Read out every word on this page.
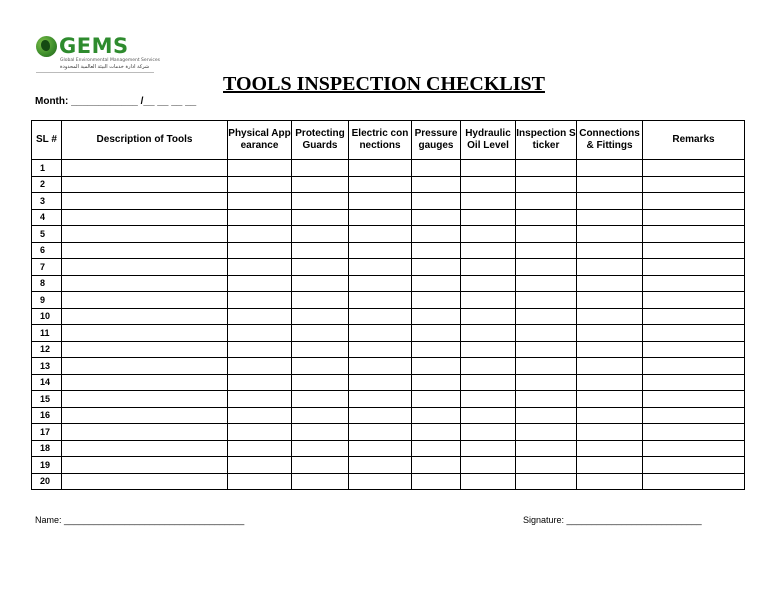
GEMS
Global Environmental Management Services
شركة ادارة خدمات البيئة العالمية المحدودة
TOOLS INSPECTION CHECKLIST
Month: ____________ /__ __ __ __
SL #	Description of Tools	Physical Appearance	Protecting Guards	Electric connections	Pressure gauges	Hydraulic Oil Level	Inspection Sticker	Connections & Fittings	Remarks
1									
2									
3									
4									
5									
6									
7									
8									
9									
10									
11									
12									
13									
14									
15									
16									
17									
18									
19									
20									
Name: ____________________________________	Signature: ___________________________
